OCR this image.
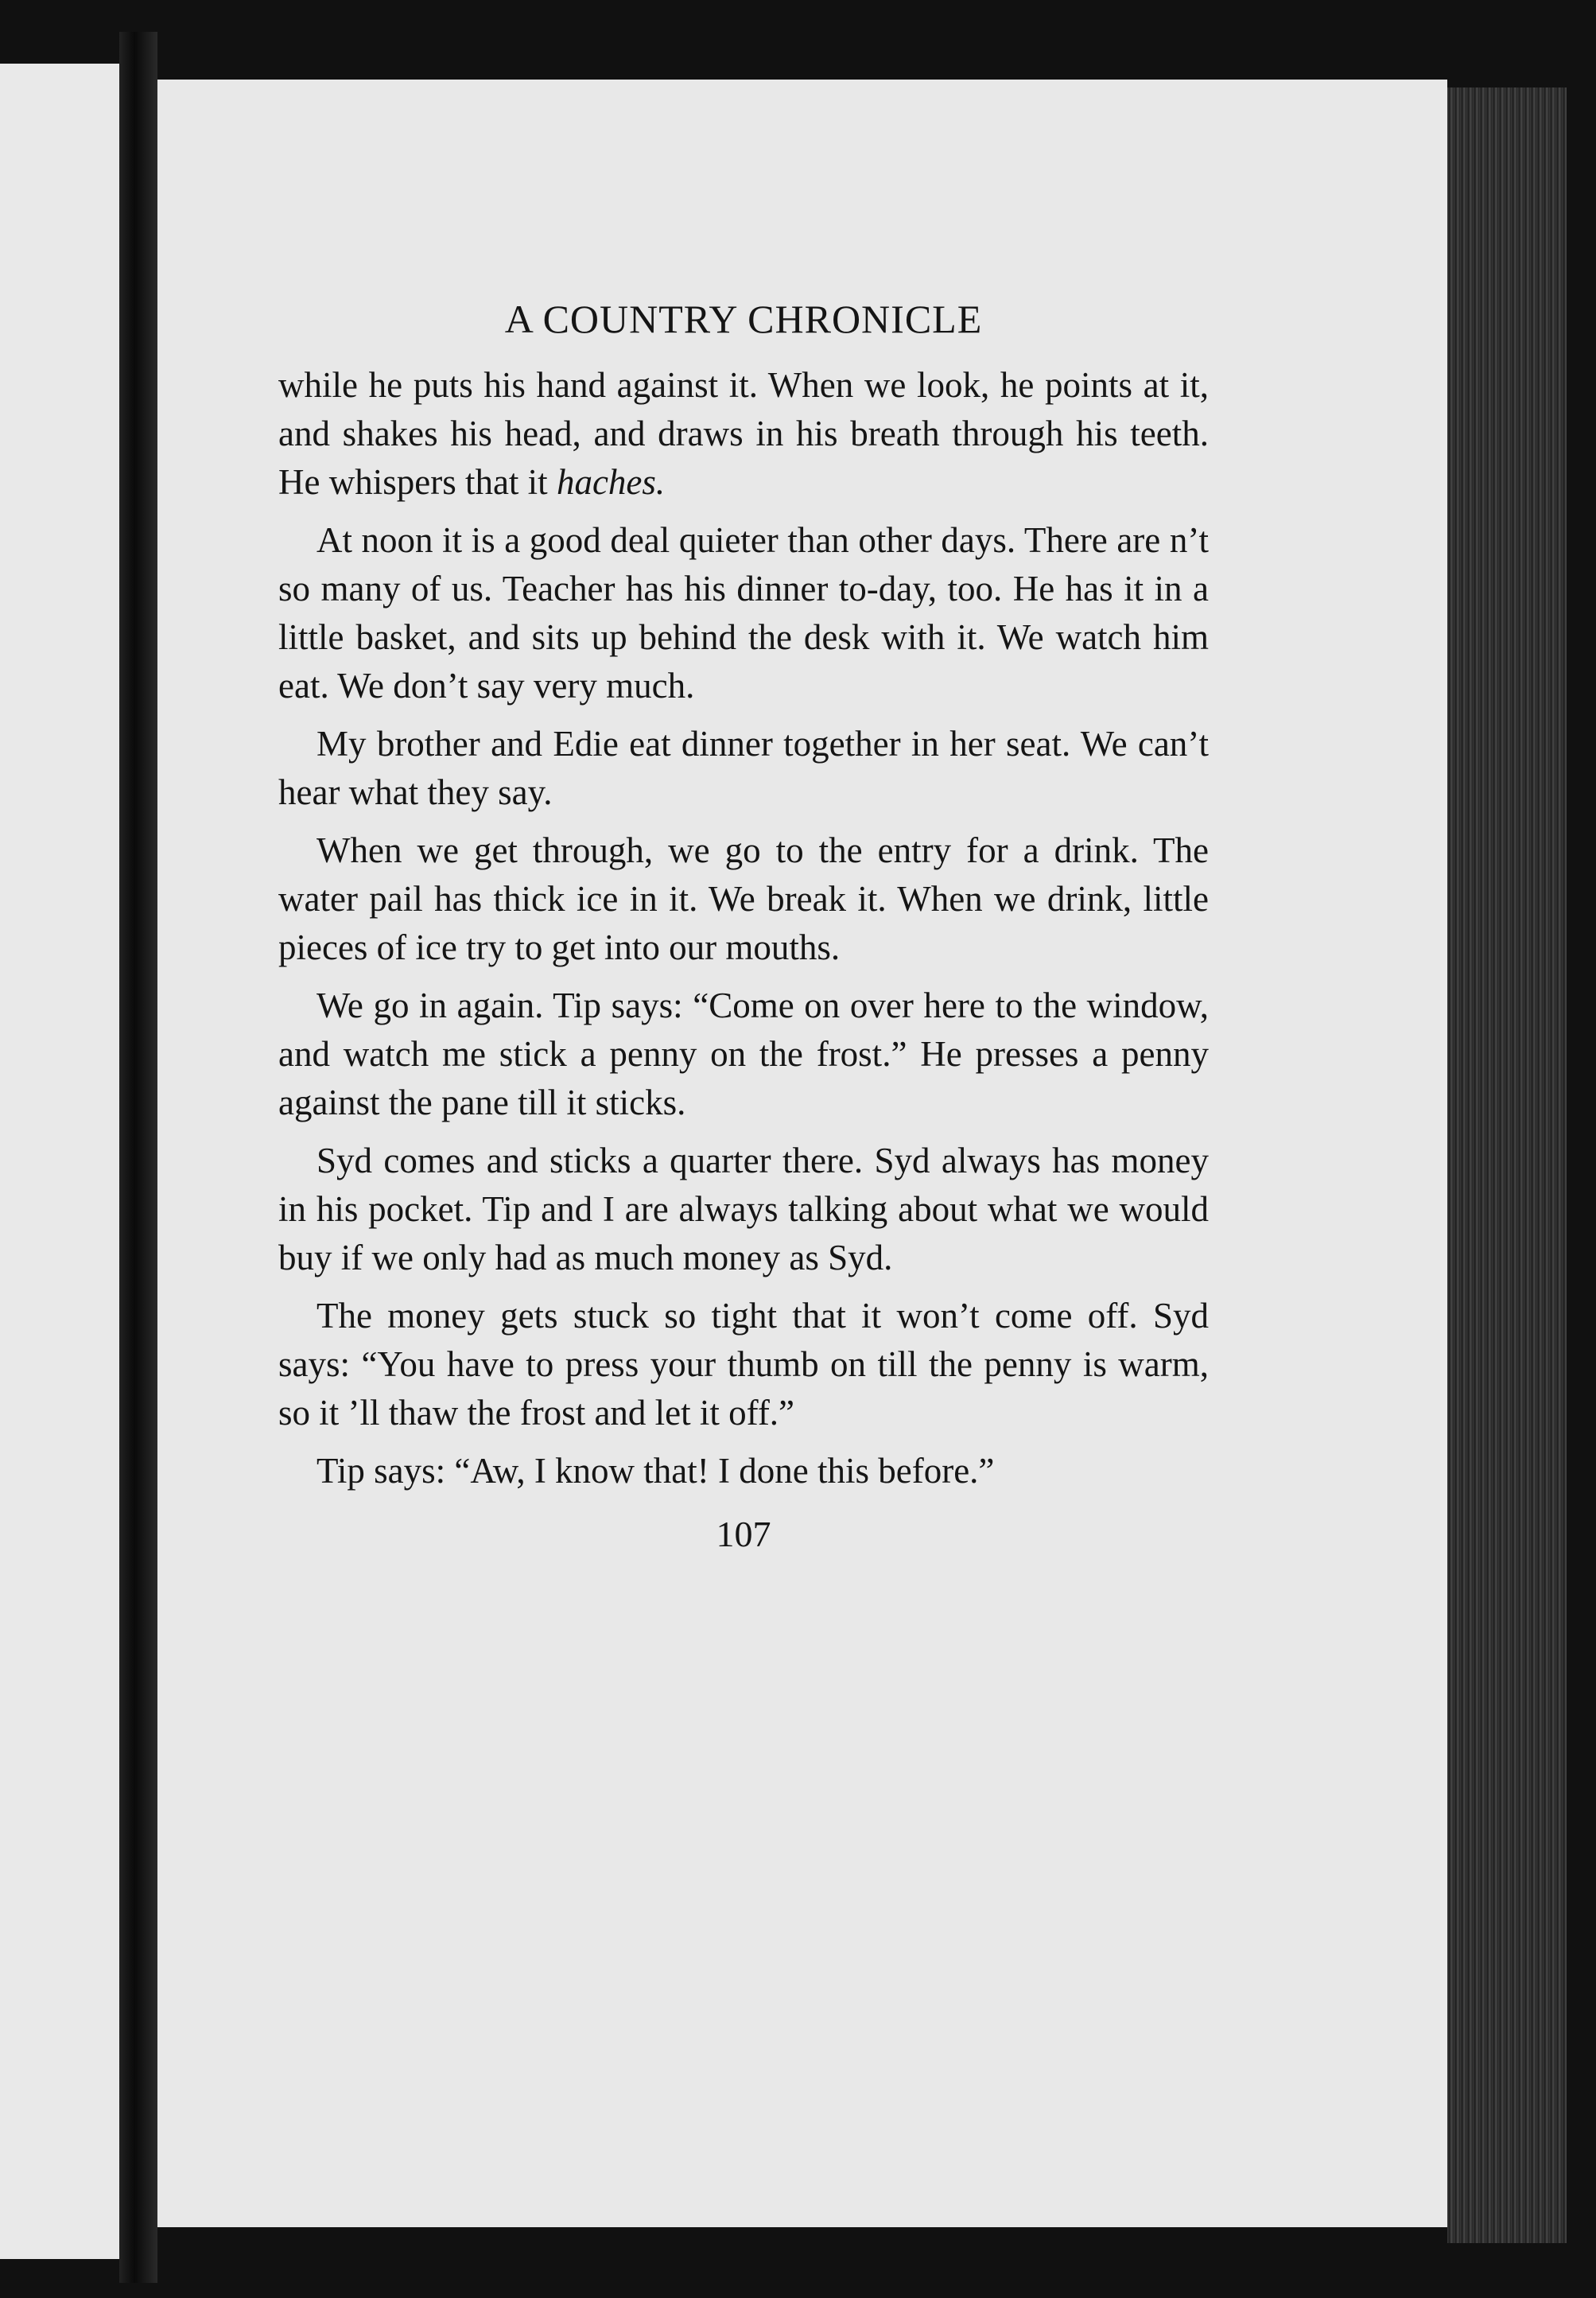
A COUNTRY CHRONICLE

while he puts his hand against it. When we look, he points at it, and shakes his head, and draws in his breath through his teeth. He whispers that it haches.

At noon it is a good deal quieter than other days. There are n’t so many of us. Teacher has his dinner to-day, too. He has it in a little basket, and sits up behind the desk with it. We watch him eat. We don’t say very much.

My brother and Edie eat dinner together in her seat. We can’t hear what they say.

When we get through, we go to the entry for a drink. The water pail has thick ice in it. We break it. When we drink, little pieces of ice try to get into our mouths.

We go in again. Tip says: “Come on over here to the window, and watch me stick a penny on the frost.” He presses a penny against the pane till it sticks.

Syd comes and sticks a quarter there. Syd always has money in his pocket. Tip and I are always talking about what we would buy if we only had as much money as Syd.

The money gets stuck so tight that it won’t come off. Syd says: “You have to press your thumb on till the penny is warm, so it ’ll thaw the frost and let it off.”

Tip says: “Aw, I know that! I done this before.”

107
